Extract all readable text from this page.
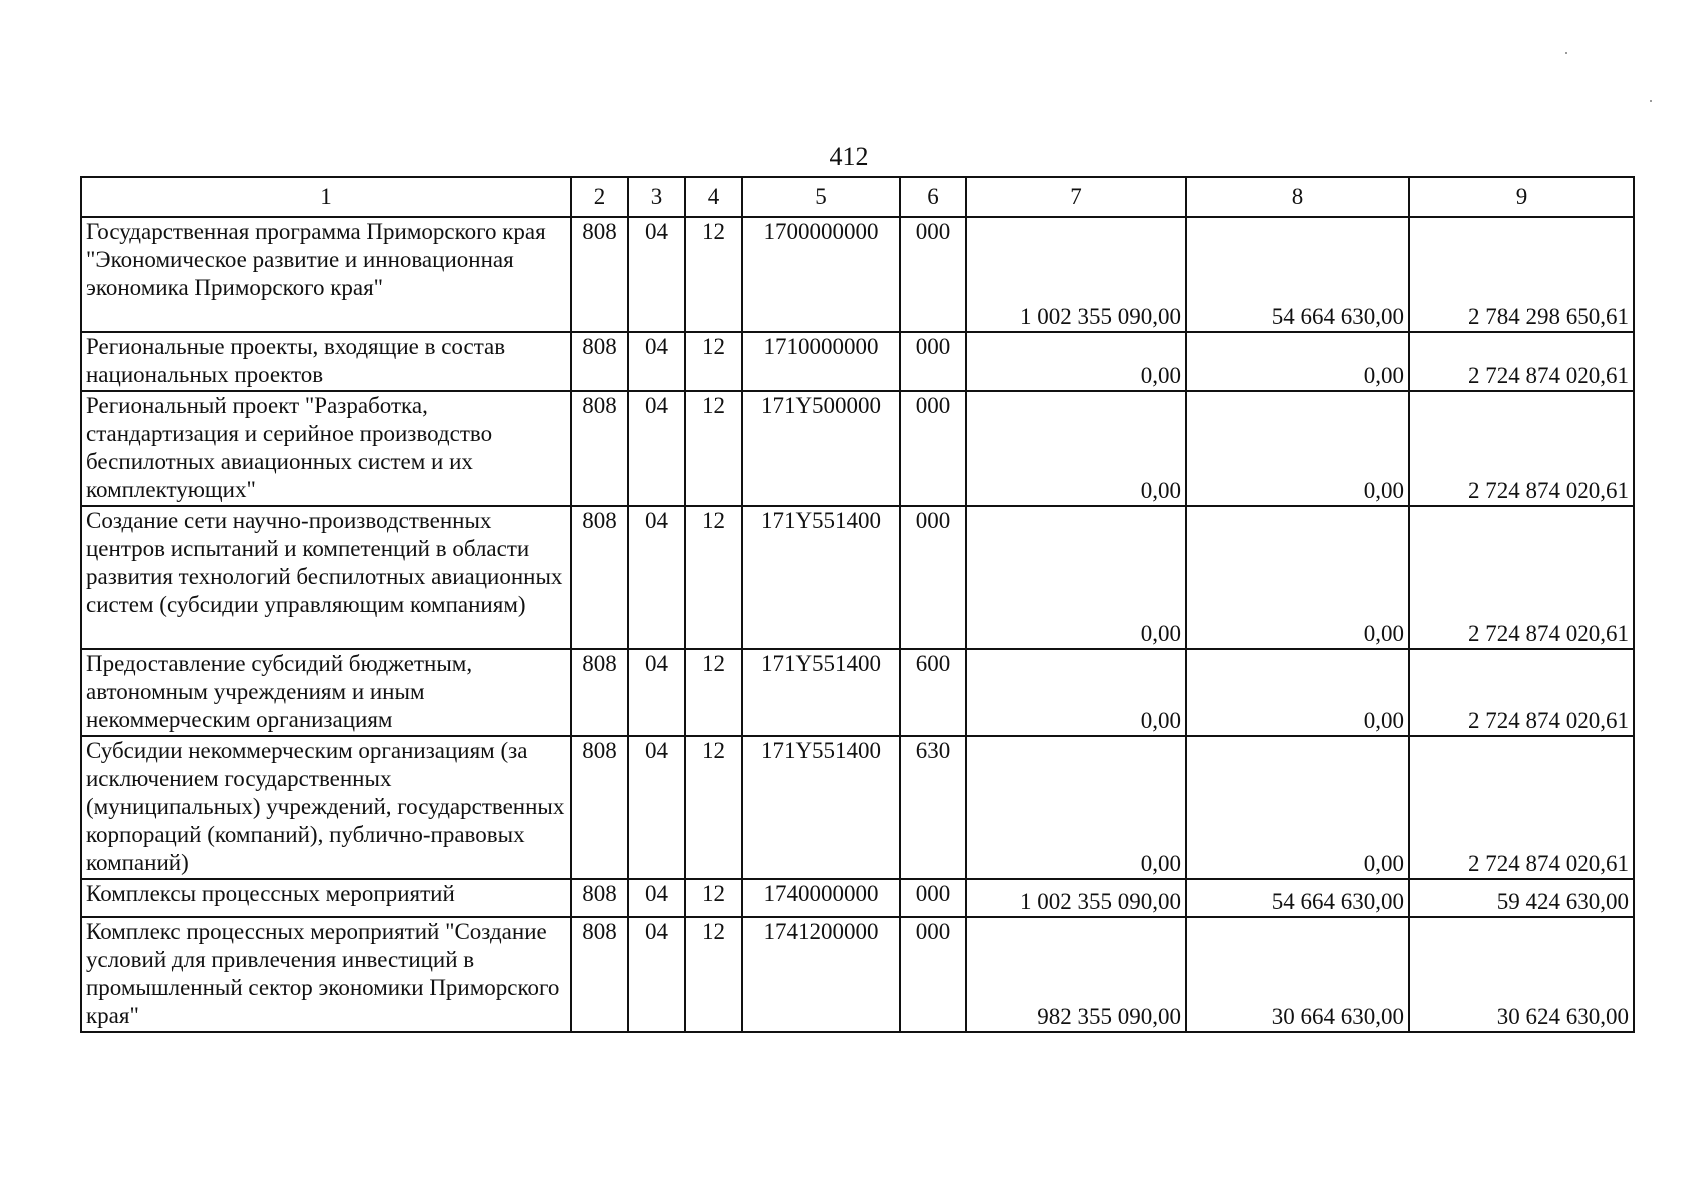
412
1	2	3	4	5	6	7	8	9
Государственная программа Приморского края "Экономическое развитие и инновационная экономика Приморского края"	808	04	12	1700000000	000	1 002 355 090,00	54 664 630,00	2 784 298 650,61
Региональные проекты, входящие в состав национальных проектов	808	04	12	1710000000	000	0,00	0,00	2 724 874 020,61
Региональный проект "Разработка, стандартизация и серийное производство беспилотных авиационных систем и их комплектующих"	808	04	12	171Y500000	000	0,00	0,00	2 724 874 020,61
Создание сети научно-производственных центров испытаний и компетенций в области развития технологий беспилотных авиационных систем (субсидии управляющим компаниям)	808	04	12	171Y551400	000	0,00	0,00	2 724 874 020,61
Предоставление субсидий бюджетным, автономным учреждениям и иным некоммерческим организациям	808	04	12	171Y551400	600	0,00	0,00	2 724 874 020,61
Субсидии некоммерческим организациям (за исключением государственных (муниципальных) учреждений, государственных корпораций (компаний), публично-правовых компаний)	808	04	12	171Y551400	630	0,00	0,00	2 724 874 020,61
Комплексы процессных мероприятий	808	04	12	1740000000	000	1 002 355 090,00	54 664 630,00	59 424 630,00
Комплекс процессных мероприятий "Создание условий для привлечения инвестиций в промышленный сектор экономики Приморского края"	808	04	12	1741200000	000	982 355 090,00	30 664 630,00	30 624 630,00
